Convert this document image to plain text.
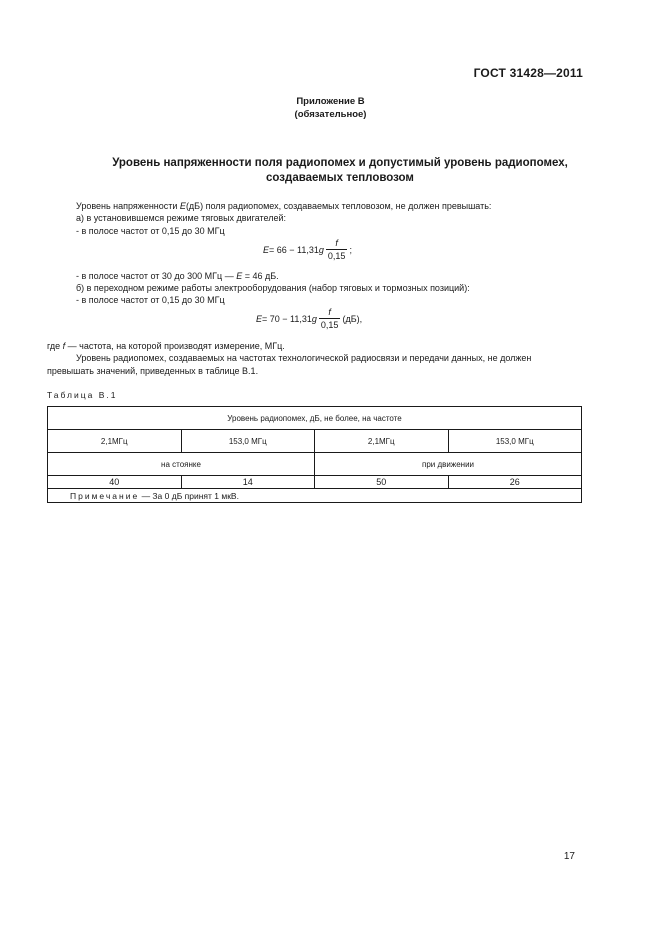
ГОСТ 31428—2011
Приложение В
(обязательное)
Уровень напряженности поля радиопомех и допустимый уровень радиопомех,
создаваемых тепловозом
Уровень напряженности E(дБ) поля радиопомех, создаваемых тепловозом, не должен превышать:
а) в установившемся режиме тяговых двигателей:
- в полосе частот от 0,15 до 30 МГц
E = 66 − 11,31 g $\frac{f}{0,15}$ ;
- в полосе частот от 30 до 300 МГц — E = 46 дБ.
б) в переходном режиме работы электрооборудования (набор тяговых и тормозных позиций):
- в полосе частот от 0,15 до 30 МГц
E = 70 − 11,31 g $\frac{f}{0,15} (дБ)$,
где f — частота, на которой производят измерение, МГц.
Уровень радиопомех, создаваемых на частотах технологической радиосвязи и передачи данных, не должен
превышать значений, приведенных в таблице В.1.
Таблица В.1
Уровень радиопомех, дБ, не более, на частоте			
2,1МГц	153,0 МГц	2,1МГц	153,0 МГц
на стоянке		при движении	
40	14	50	26
Примечание — За 0 дБ принят 1 мкВ.			
17
